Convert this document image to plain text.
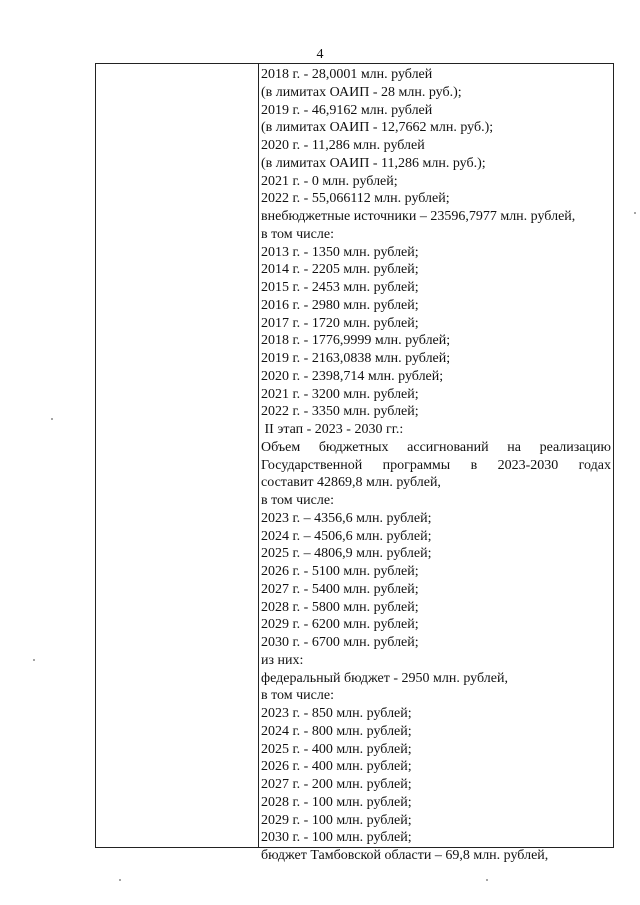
4
2018 г. - 28,0001 млн. рублей
(в лимитах ОАИП - 28 млн. руб.);
2019 г. - 46,9162 млн. рублей
(в лимитах ОАИП - 12,7662 млн. руб.);
2020 г. - 11,286 млн. рублей
(в лимитах ОАИП - 11,286 млн. руб.);
2021 г. - 0 млн. рублей;
2022 г. - 55,066112 млн. рублей;
внебюджетные источники – 23596,7977 млн. рублей,
в том числе:
2013 г. - 1350 млн. рублей;
2014 г. - 2205 млн. рублей;
2015 г. - 2453 млн. рублей;
2016 г. - 2980 млн. рублей;
2017 г. - 1720 млн. рублей;
2018 г. - 1776,9999 млн. рублей;
2019 г. - 2163,0838 млн. рублей;
2020 г. - 2398,714 млн. рублей;
2021 г. - 3200 млн. рублей;
2022 г. - 3350 млн. рублей;
II этап - 2023 - 2030 гг.:
Объем бюджетных ассигнований на реализацию
Государственной программы в 2023-2030 годах
составит 42869,8 млн. рублей,
в том числе:
2023 г. – 4356,6 млн. рублей;
2024 г. – 4506,6 млн. рублей;
2025 г. – 4806,9 млн. рублей;
2026 г. - 5100 млн. рублей;
2027 г. - 5400 млн. рублей;
2028 г. - 5800 млн. рублей;
2029 г. - 6200 млн. рублей;
2030 г. - 6700 млн. рублей;
из них:
федеральный бюджет - 2950 млн. рублей,
в том числе:
2023 г. - 850 млн. рублей;
2024 г. - 800 млн. рублей;
2025 г. - 400 млн. рублей;
2026 г. - 400 млн. рублей;
2027 г. - 200 млн. рублей;
2028 г. - 100 млн. рублей;
2029 г. - 100 млн. рублей;
2030 г. - 100 млн. рублей;
бюджет Тамбовской области – 69,8 млн. рублей,
